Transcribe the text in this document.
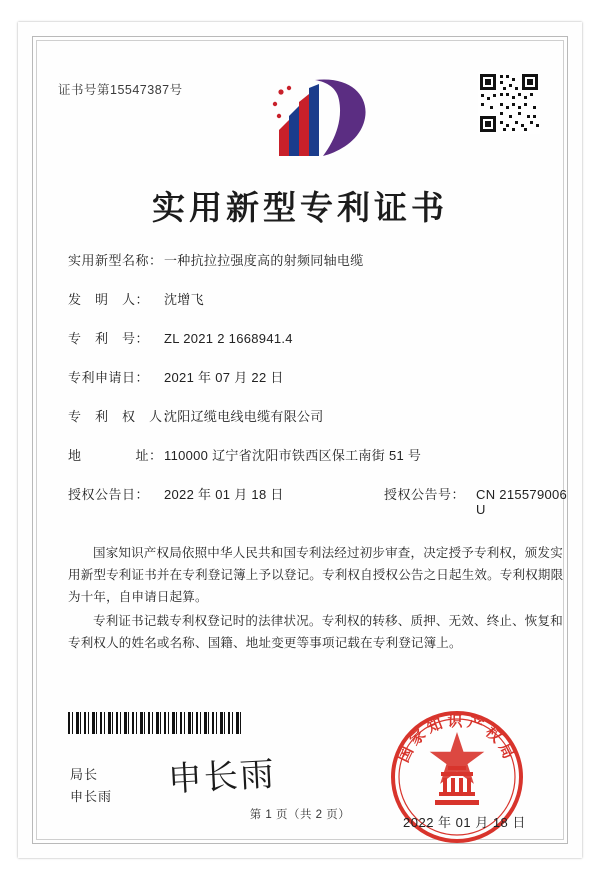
证书号第15547387号
实用新型专利证书
实用新型名称： 一种抗拉拉强度高的射频同轴电缆
发　明　人：	沈增飞
专　利　号：	ZL 2021 2 1668941.4
专利申请日：	2021 年 07 月 22 日
专　利　权　人：
沈阳辽缆电线电缆有限公司
地　　　　址： 110000 辽宁省沈阳市铁西区保工南街 51 号
授权公告日：	2022 年 01 月 18 日	授权公告号： CN 215579006 U
国家知识产权局依照中华人民共和国专利法经过初步审查，决定授予专利权，颁发实用新型专利证书并在专利登记簿上予以登记。专利权自授权公告之日起生效。专利权期限为十年，自申请日起算。
专利证书记载专利权登记时的法律状况。专利权的转移、质押、无效、终止、恢复和专利权人的姓名或名称、国籍、地址变更等事项记载在专利登记簿上。
局长
申长雨 申长雨
国家知识产权局
2022 年 01 月 18 日
第 1 页（共 2 页）
